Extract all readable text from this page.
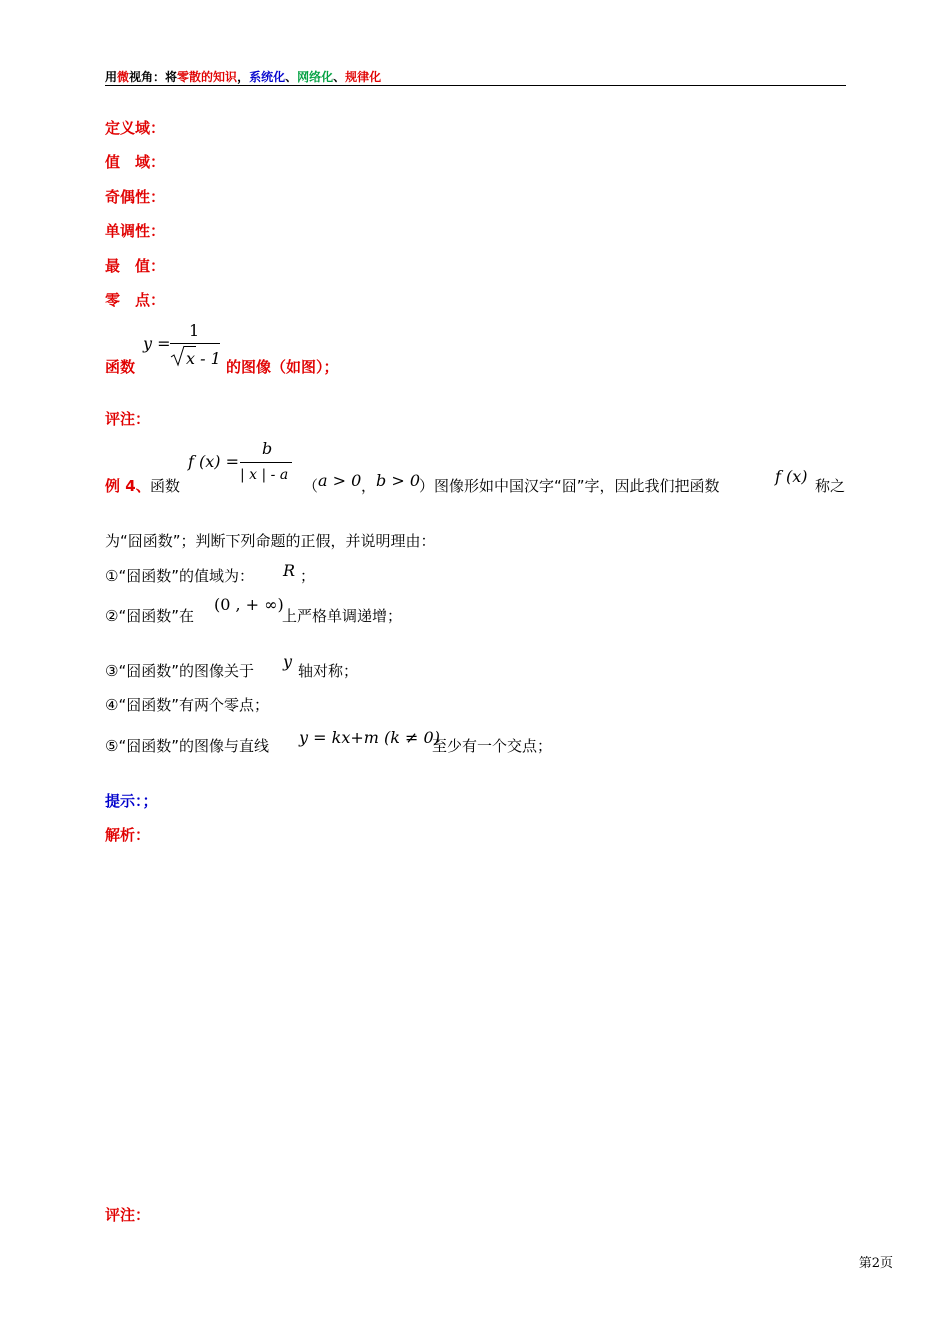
用微视角：将零散的知识，系统化、网络化、规律化
定义域：
值　域：
奇偶性：
单调性：
最　值：
零　点：
函数
y =
1
x - 1 的图像（如图）；
评注：
例 4、 函数
f (x) =
b
| x | - a
（ a > 0 ， b > 0 ） 图像形如中国汉字“囧”字，因此我们把函数	f (x) 称之
为“囧函数”；判断下列命题的正假，并说明理由：
①“囧函数”的值域为： R ；
②“囧函数”在
(0 , + ∞)
上严格单调递增；
③“囧函数”的图像关于 y 轴对称；
④“囧函数”有两个零点；
⑤“囧函数”的图像与直线 y = kx+m (k ≠ 0)
至少有一个交点；
提示：；
解析：
评注：
第2页
